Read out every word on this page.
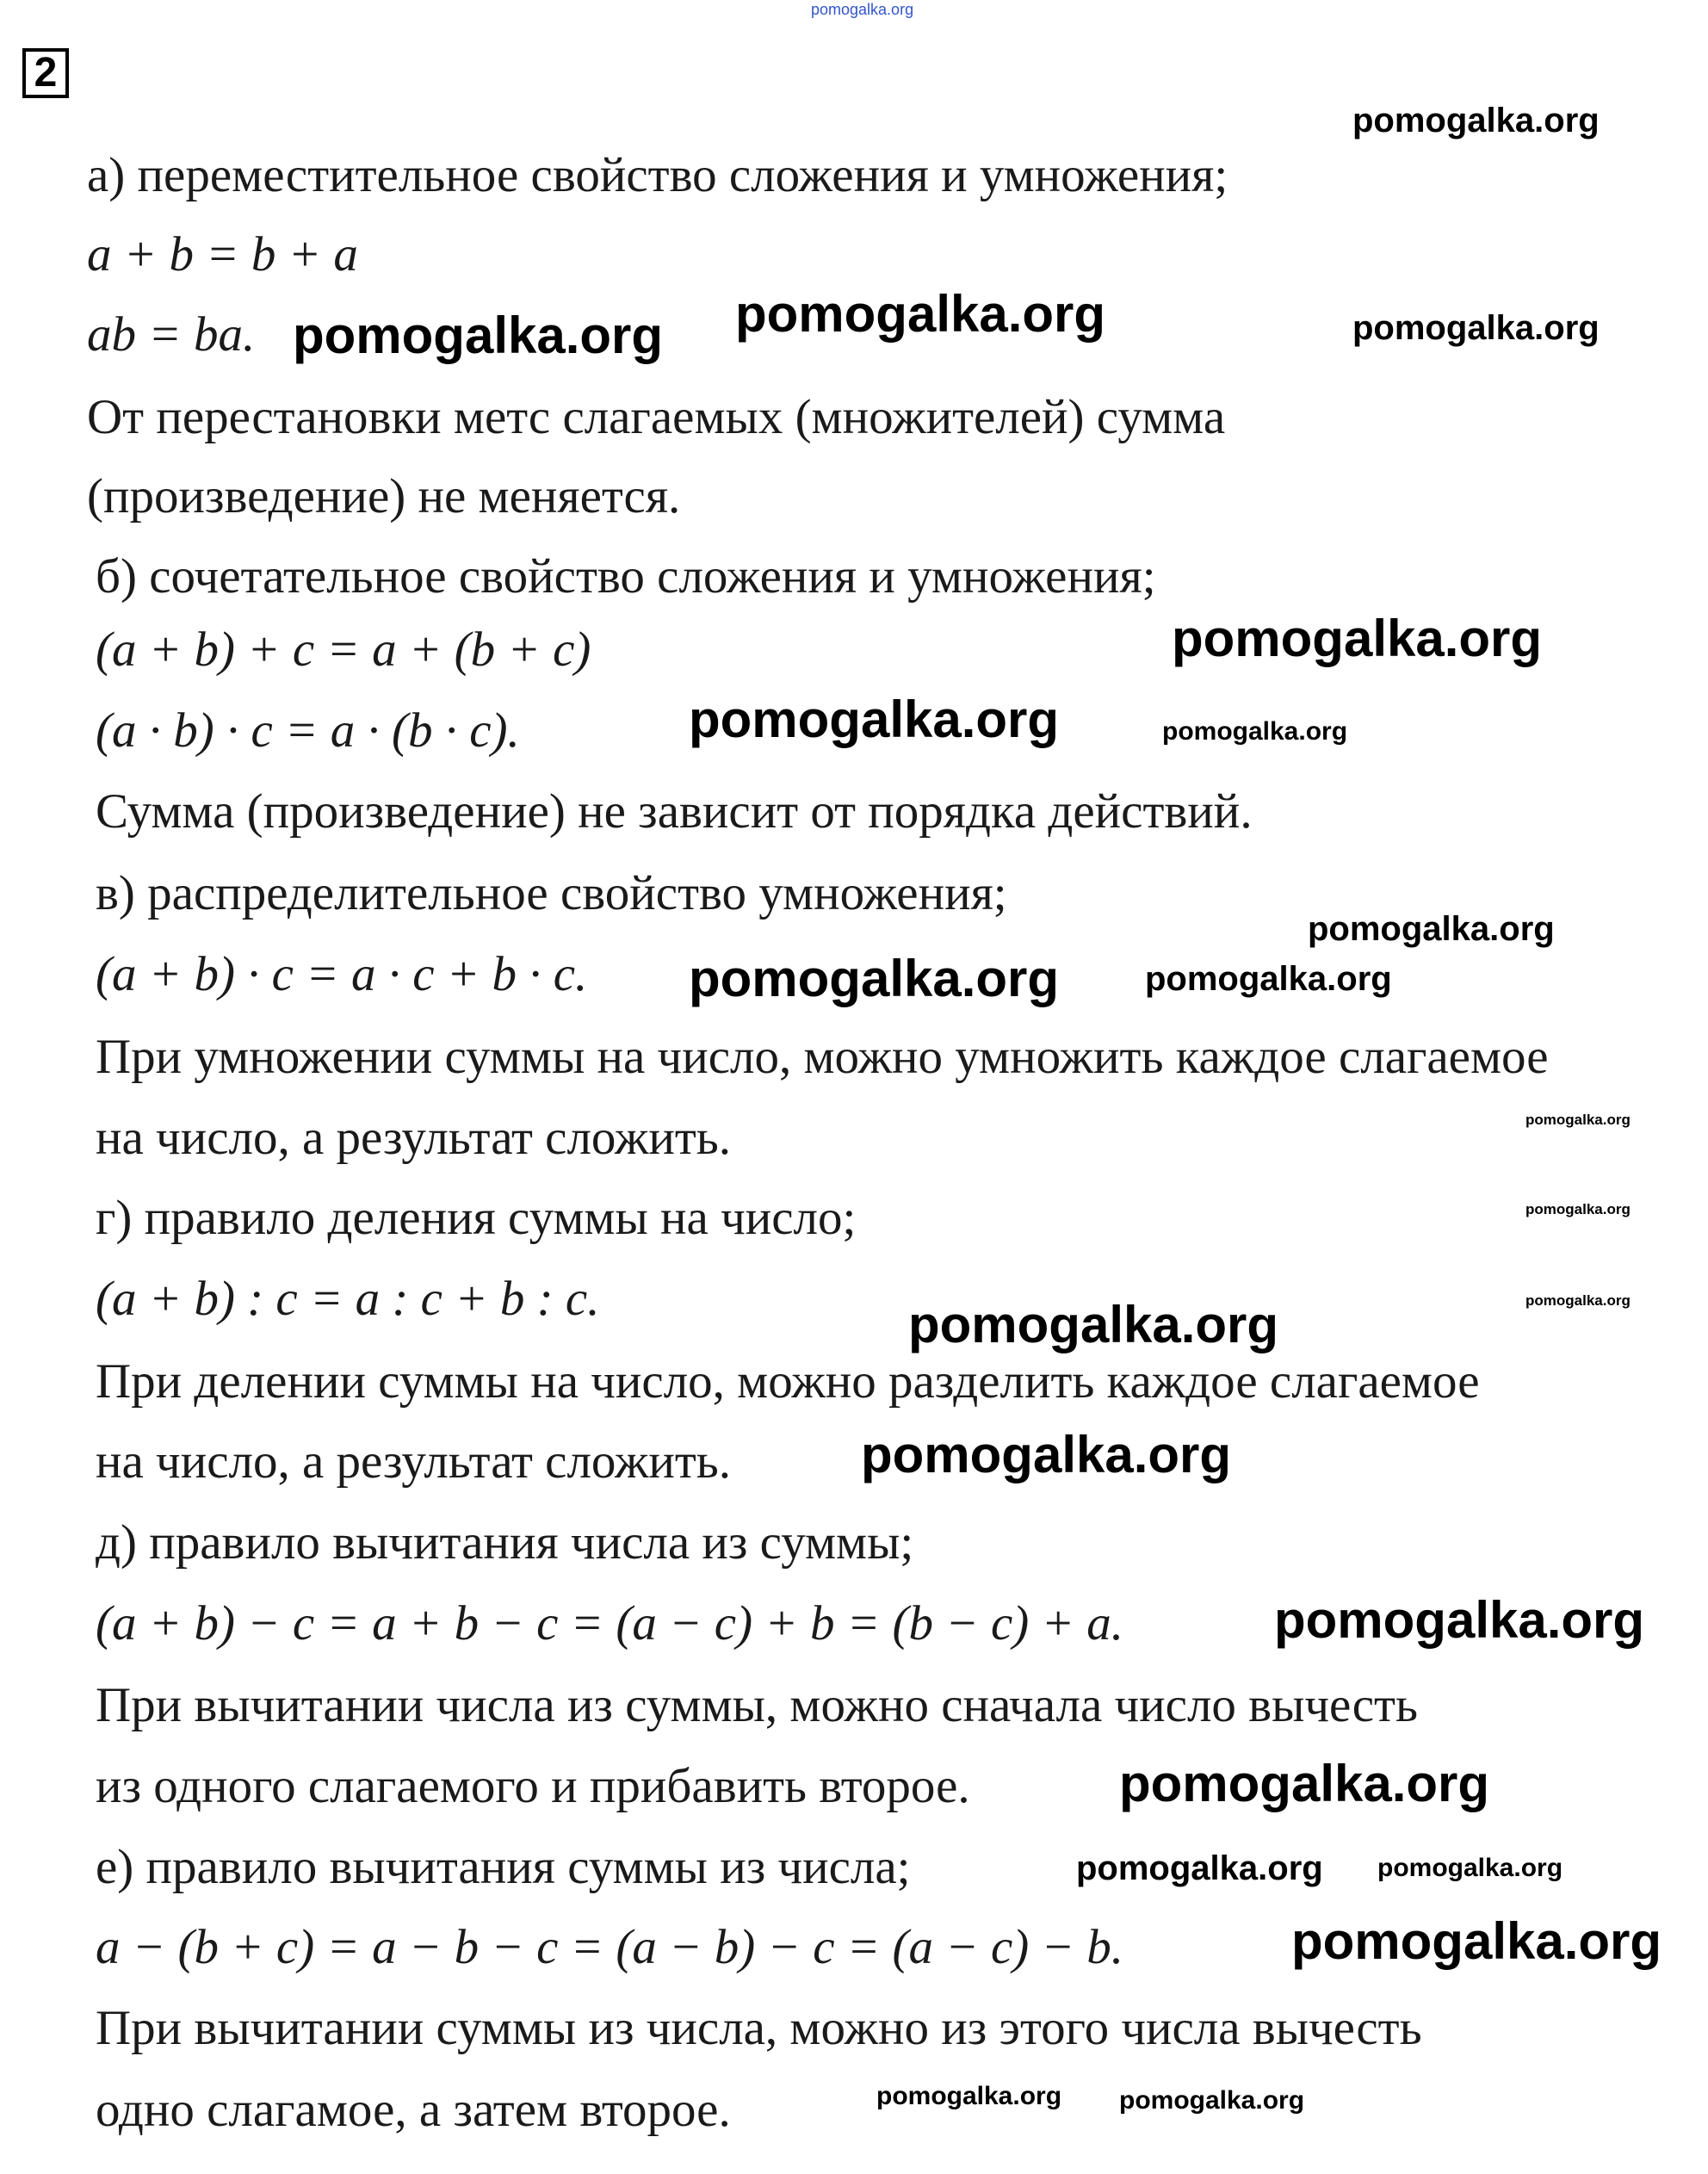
2
а) переместительное свойство сложения и умножения;
a + b = b + a
ab = ba.
От перестановки метс слагаемых (множителей) сумма
(произведение) не меняется.
б) сочетательное свойство сложения и умножения;
(a + b) + c = a + (b + c)
(a · b) · c = a · (b · c).
Сумма (произведение) не зависит от порядка действий.
в) распределительное свойство умножения;
(a + b) · c = a · c + b · c.
При умножении суммы на число, можно умножить каждое слагаемое
на число, а результат сложить.
г) правило деления суммы на число;
(a + b) : c = a : c + b : c.
При делении суммы на число, можно разделить каждое слагаемое
на число, а результат сложить.
д) правило вычитания числа из суммы;
(a + b) − c = a + b − c = (a − c) + b = (b − c) + a.
При вычитании числа из суммы, можно сначала число вычесть
из одного слагаемого и прибавить второе.
е) правило вычитания суммы из числа;
a − (b + c) = a − b − c = (a − b) − c = (a − c) − b.
При вычитании суммы из числа, можно из этого числа вычесть
одно слагамое, а затем второе.
pomogalka.org
pomogalka.org
pomogalka.org	pomogalka.org
pomogalka.org
pomogalka.org
pomogalka.org	pomogalka.org
pomogalka.org
pomogalka.org
pomogalka.org
pomogalka.org
pomogalka.org
pomogalka.org
pomogalka.org
pomogalka.org
pomogalka.org
pomogalka.org
pomogalka.org
pomogalka.org
pomogalka.org pomogalka.org
pomogalka.org
